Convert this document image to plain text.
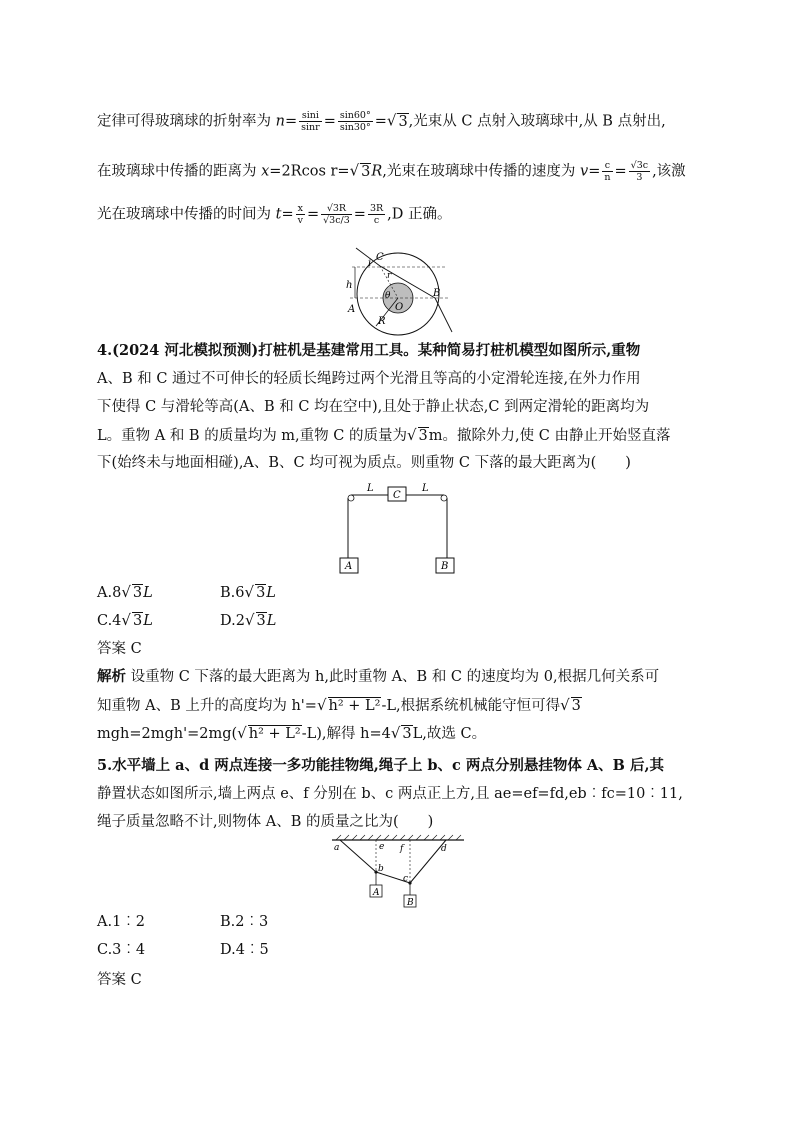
定律可得玻璃球的折射率为 $n= \frac{\sin i}{\sin r} = \frac{\sin 60^\circ}{\sin 30^\circ}$ =√ 3,光束从 C 点射入玻璃球中,从 B 点射出,
在玻璃球中传播的距离为 x=2Rcos r=√ 3R,光束在玻璃球中传播的速度为 $v= \frac{c}{n} = \frac{√3c}{3}$ ,该激
光在玻璃球中传播的时间为 $t= \frac{x}{v} = \frac{√3R}{√3c/3} = \frac{3R}{c} ,D$ 正确。
i
C
h
r
θ
O
A
B
R
4.(2024 河北模拟预测)打桩机是基建常用工具。某种简易打桩机模型如图所示,重物
A、B 和 C 通过不可伸长的轻质长绳跨过两个光滑且等高的小定滑轮连接,在外力作用
下使得 C 与滑轮等高(A、B 和 C 均在空中),且处于静止状态,C 到两定滑轮的距离均为
L。重物 A 和 B 的质量均为 m,重物 C 的质量为√ 3m。撤除外力,使 C 由静止开始竖直落
下(始终未与地面相碰),A、B、C 均可视为质点。则重物 C 下落的最大距离为(　　)
L
C
L
A	B
A.8√ 3L	B.6√ 3L
C.4√ 3L	D.2√ 3L
答案 C
解析 设重物 C 下落的最大距离为 h,此时重物 A、B 和 C 的速度均为 0,根据几何关系可
知重物 A、B 上升的高度均为 h'=√ h² + L²-L,根据系统机械能守恒可得√ 3
mgh=2mgh'=2mg(√ h² + L²-L),解得 h=4√ 3L,故选 C。
5.水平墙上 a、d 两点连接一多功能挂物绳,绳子上 b、c 两点分别悬挂物体 A、B 后,其
静置状态如图所示,墙上两点 e、f 分别在 b、c 两点正上方,且 ae=ef=fd,eb︰fc=10︰11,
绳子质量忽略不计,则物体 A、B 的质量之比为(　　)
a	e f	d
b
c
A
B
A.1︰2	B.2︰3
C.3︰4	D.4︰5
答案 C
